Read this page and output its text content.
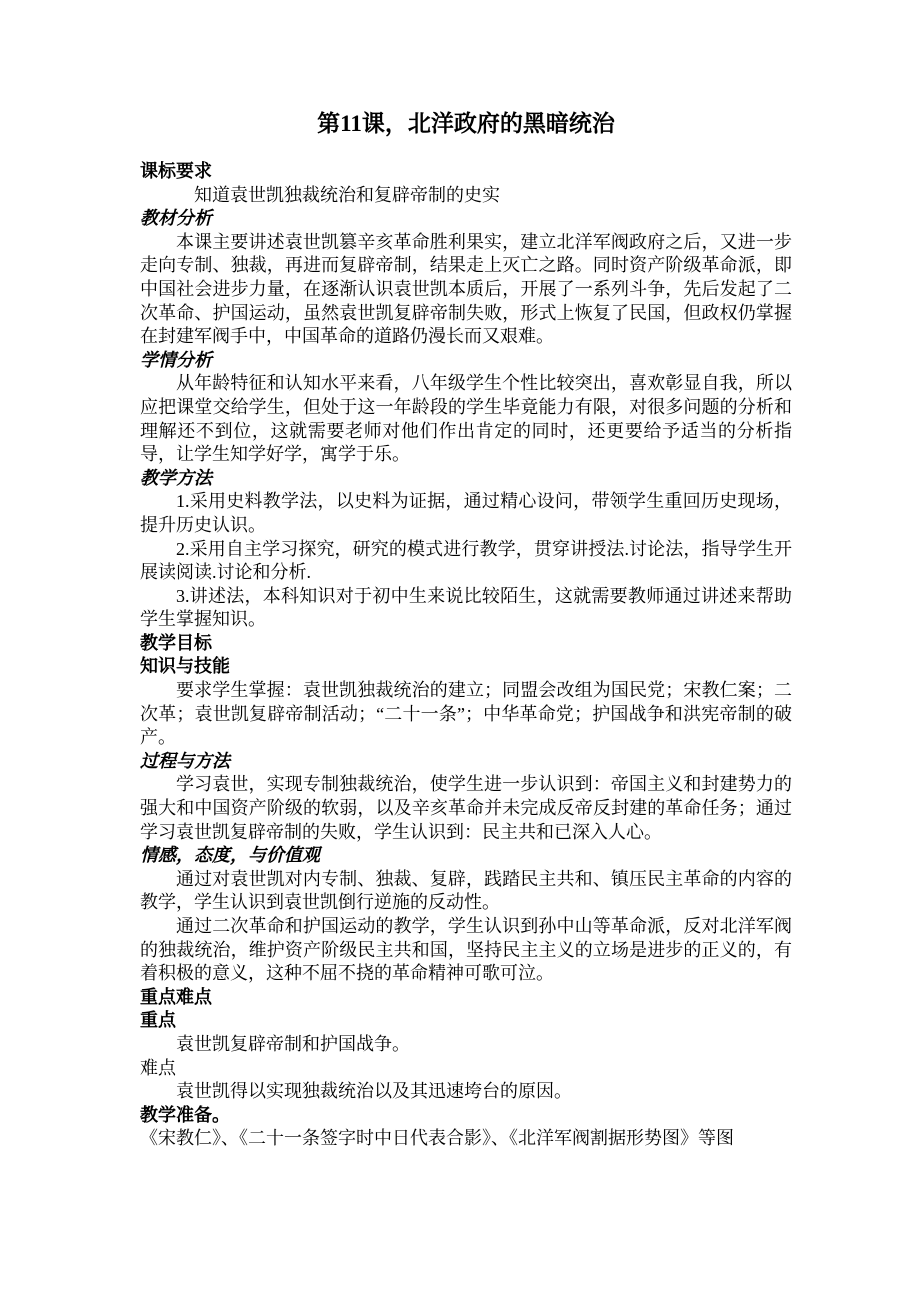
第11课，北洋政府的黑暗统治

课标要求

知道袁世凯独裁统治和复辟帝制的史实

教材分析

本课主要讲述袁世凯篡辛亥革命胜利果实，建立北洋军阀政府之后，又进一步走向专制、独裁，再进而复辟帝制，结果走上灭亡之路。同时资产阶级革命派，即中国社会进步力量，在逐渐认识袁世凯本质后，开展了一系列斗争，先后发起了二次革命、护国运动，虽然袁世凯复辟帝制失败，形式上恢复了民国，但政权仍掌握在封建军阀手中，中国革命的道路仍漫长而又艰难。

学情分析

从年龄特征和认知水平来看，八年级学生个性比较突出，喜欢彰显自我，所以应把课堂交给学生，但处于这一年龄段的学生毕竟能力有限，对很多问题的分析和理解还不到位，这就需要老师对他们作出肯定的同时，还更要给予适当的分析指导，让学生知学好学，寓学于乐。

教学方法

1.采用史料教学法，以史料为证据，通过精心设问，带领学生重回历史现场，提升历史认识。

2.采用自主学习探究，研究的模式进行教学，贯穿讲授法.讨论法，指导学生开展读阅读.讨论和分析.

3.讲述法，本科知识对于初中生来说比较陌生，这就需要教师通过讲述来帮助学生掌握知识。

教学目标

知识与技能

要求学生掌握：袁世凯独裁统治的建立；同盟会改组为国民党；宋教仁案；二次革；袁世凯复辟帝制活动；“二十一条”；中华革命党；护国战争和洪宪帝制的破产。

过程与方法

学习袁世，实现专制独裁统治，使学生进一步认识到：帝国主义和封建势力的强大和中国资产阶级的软弱，以及辛亥革命并未完成反帝反封建的革命任务；通过学习袁世凯复辟帝制的失败，学生认识到：民主共和已深入人心。

情感，态度，与价值观

通过对袁世凯对内专制、独裁、复辟，践踏民主共和、镇压民主革命的内容的教学，学生认识到袁世凯倒行逆施的反动性。

通过二次革命和护国运动的教学，学生认识到孙中山等革命派，反对北洋军阀的独裁统治，维护资产阶级民主共和国，坚持民主主义的立场是进步的正义的，有着积极的意义，这种不屈不挠的革命精神可歌可泣。

重点难点

重点

袁世凯复辟帝制和护国战争。

难点

袁世凯得以实现独裁统治以及其迅速垮台的原因。

教学准备。

《宋教仁》、《二十一条签字时中日代表合影》、《北洋军阀割据形势图》等图
